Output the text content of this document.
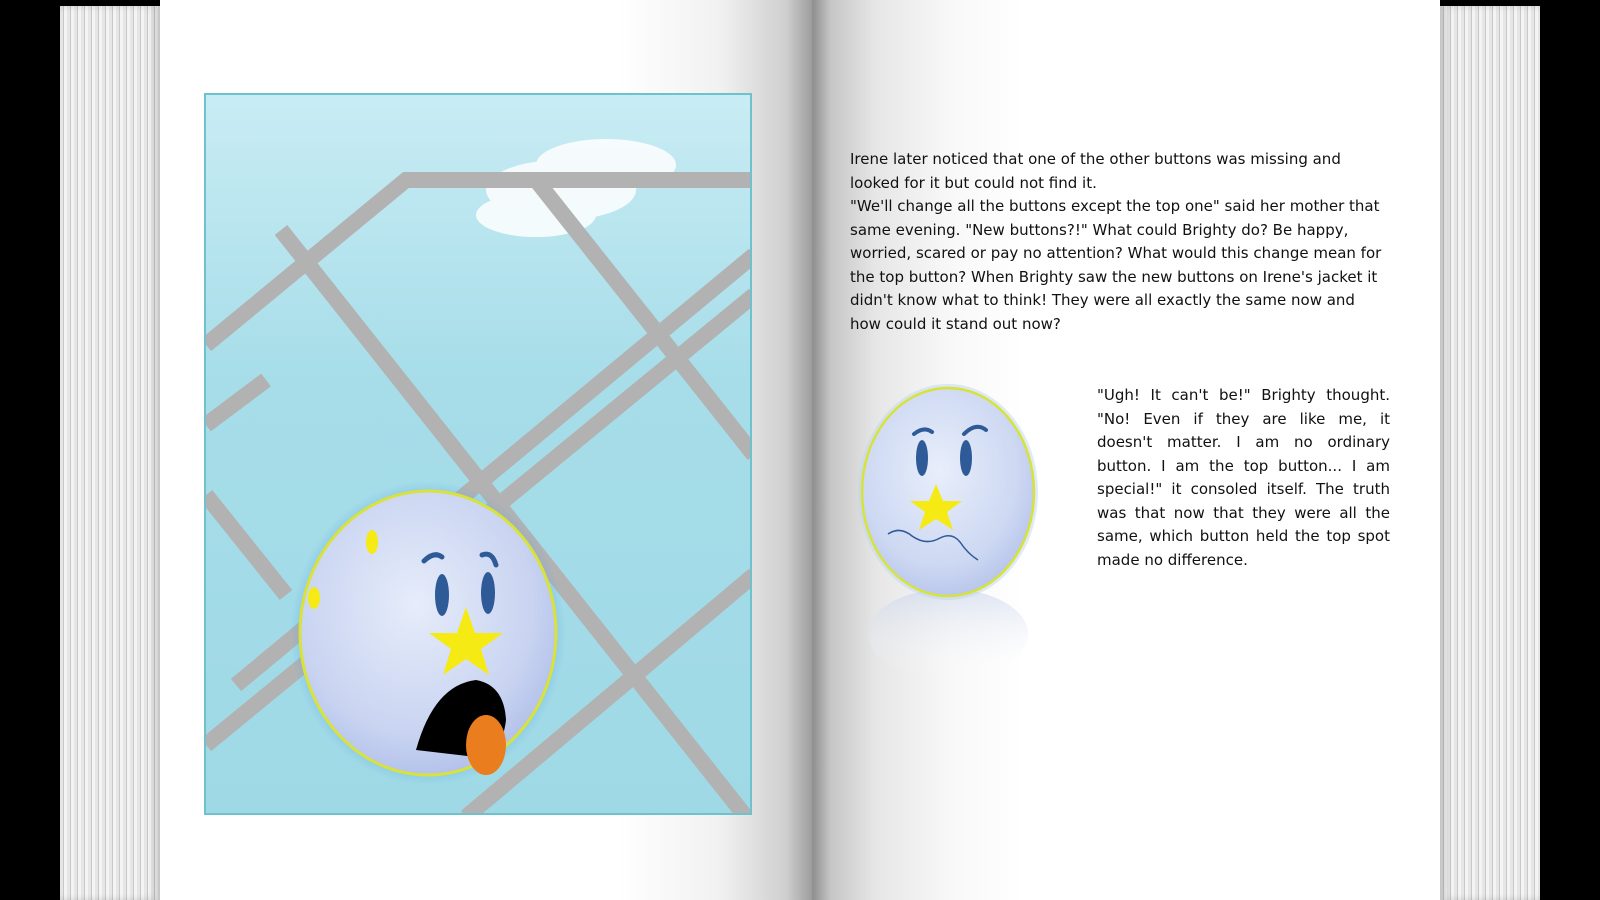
Irene later noticed that one of the other buttons was missing and looked for it but could not find it.
"We'll change all the buttons except the top one" said her mother that same evening. "New buttons?!" What could Brighty do? Be happy, worried, scared or pay no attention? What would this change mean for the top button? When Brighty saw the new buttons on Irene's jacket it didn't know what to think! They were all exactly the same now and how could it stand out now?

"Ugh! It can't be!" Brighty thought. "No! Even if they are like me, it doesn't matter. I am no ordinary button. I am the top button... I am special!" it consoled itself. The truth was that now that they were all the same, which button held the top spot made no difference.
